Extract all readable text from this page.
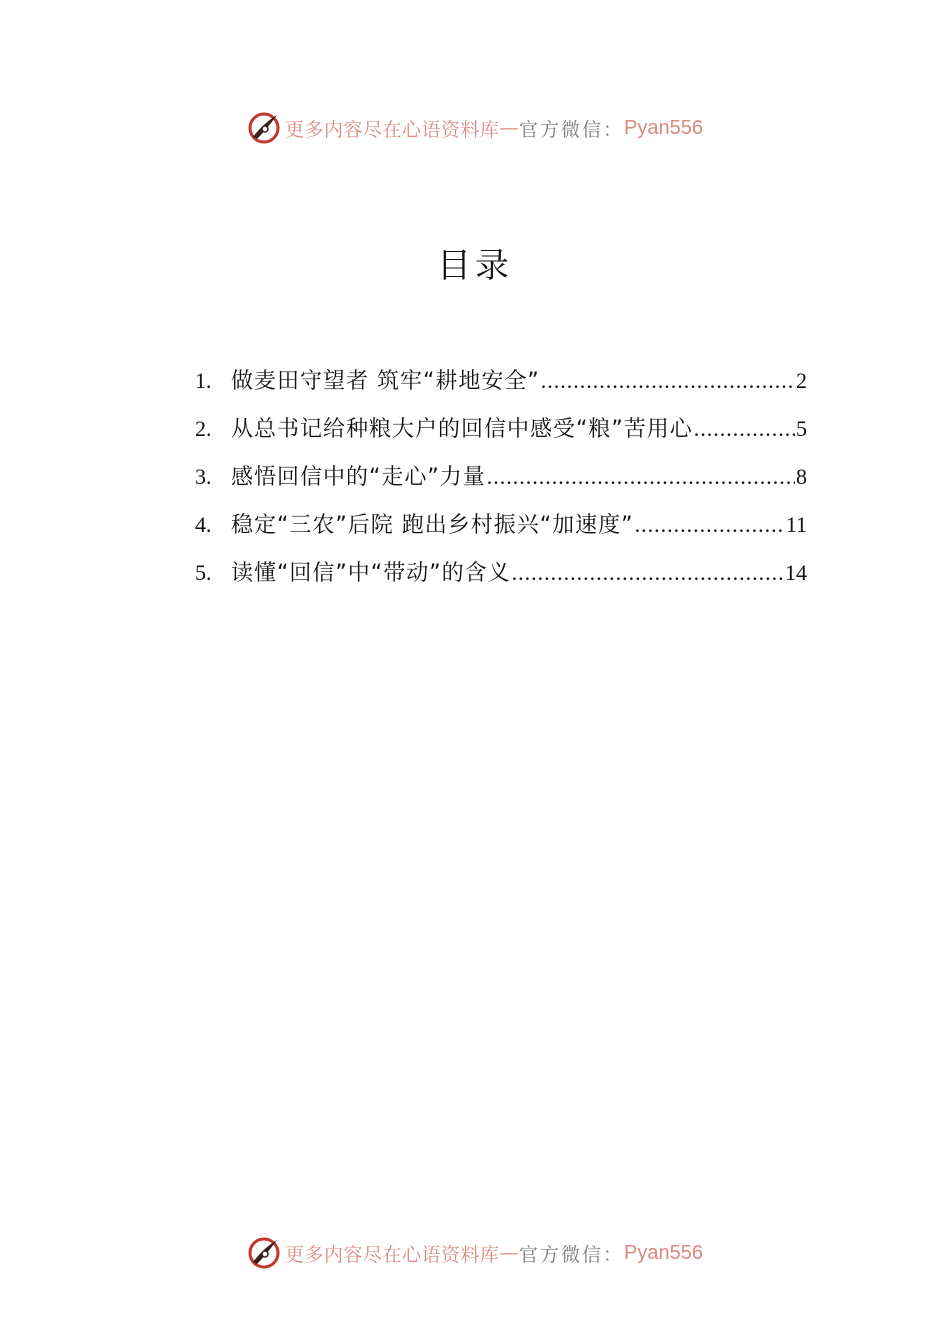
更多内容尽在心语资料库 — 官方微信： Pyan556
目录
1. 做麦田守望者 筑牢“耕地安全” .....	2
2. 从总书记给种粮大户的回信中感受“粮”苦用心 .....	5
3. 感悟回信中的“走心”力量 .....	8
4. 稳定“三农”后院 跑出乡村振兴“加速度” .....	11
5. 读懂“回信”中“带动”的含义 .....	14
更多内容尽在心语资料库 — 官方微信： Pyan556
